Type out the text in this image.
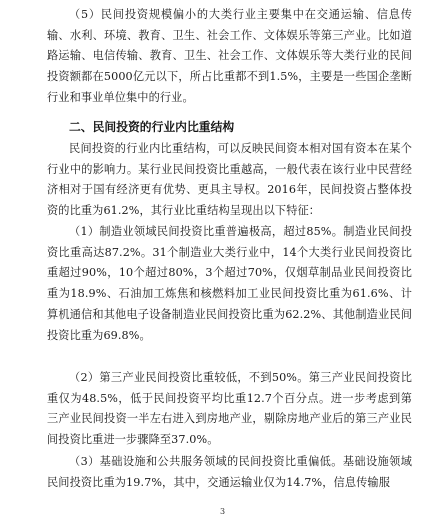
（5）民间投资规模偏小的大类行业主要集中在交通运输、信息传输、水利、环境、教育、卫生、社会工作、文体娱乐等第三产业。比如道路运输、电信传输、教育、卫生、社会工作、文体娱乐等大类行业的民间投资额都在5000亿元以下，所占比重都不到1.5%，主要是一些国企垄断行业和事业单位集中的行业。

二、民间投资的行业内比重结构

民间投资的行业内比重结构，可以反映民间资本相对国有资本在某个行业中的影响力。某行业民间投资比重越高，一般代表在该行业中民营经济相对于国有经济更有优势、更具主导权。2016年，民间投资占整体投资的比重为61.2%，其行业比重结构呈现出以下特征：

（1）制造业领域民间投资比重普遍极高，超过85%。制造业民间投资比重高达87.2%。31个制造业大类行业中，14个大类行业民间投资比重超过90%，10个超过80%，3个超过70%，仅烟草制品业民间投资比重为18.9%、石油加工炼焦和核燃料加工业民间投资比重为61.6%、计算机通信和其他电子设备制造业民间投资比重为62.2%、其他制造业民间投资比重为69.8%。

（2）第三产业民间投资比重较低，不到50%。第三产业民间投资比重仅为48.5%，低于民间投资平均比重12.7个百分点。进一步考虑到第三产业民间投资一半左右进入到房地产业，剔除房地产业后的第三产业民间投资比重进一步骤降至37.0%。

（3）基础设施和公共服务领域的民间投资比重偏低。基础设施领域民间投资比重为19.7%，其中，交通运输业仅为14.7%，信息传输服

3
